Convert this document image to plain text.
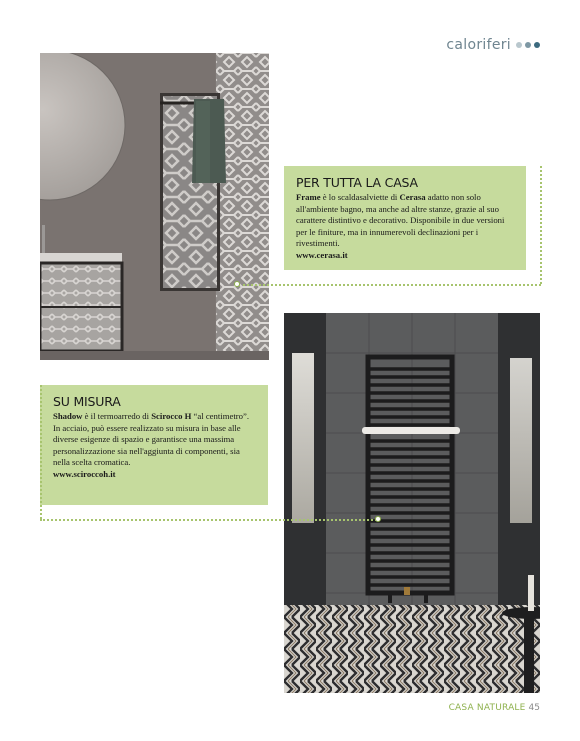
caloriferi
PER TUTTA LA CASA

Frame è lo scaldasalviette di Cerasa adatto non solo all'ambiente bagno, ma anche ad altre stanze, grazie al suo carattere distintivo e decorativo. Disponibile in due versioni per le finiture, ma in innumerevoli declinazioni per i rivestimenti.
www.cerasa.it

SU MISURA

Shadow è il termoarredo di Scirocco H “al centimetro”. In acciaio, può essere realizzato su misura in base alle diverse esigenze di spazio e garantisce una massima personalizzazione sia nell'aggiunta di componenti, sia nella scelta cromatica.
www.sciroccoh.it

CASA NATURALE 45
